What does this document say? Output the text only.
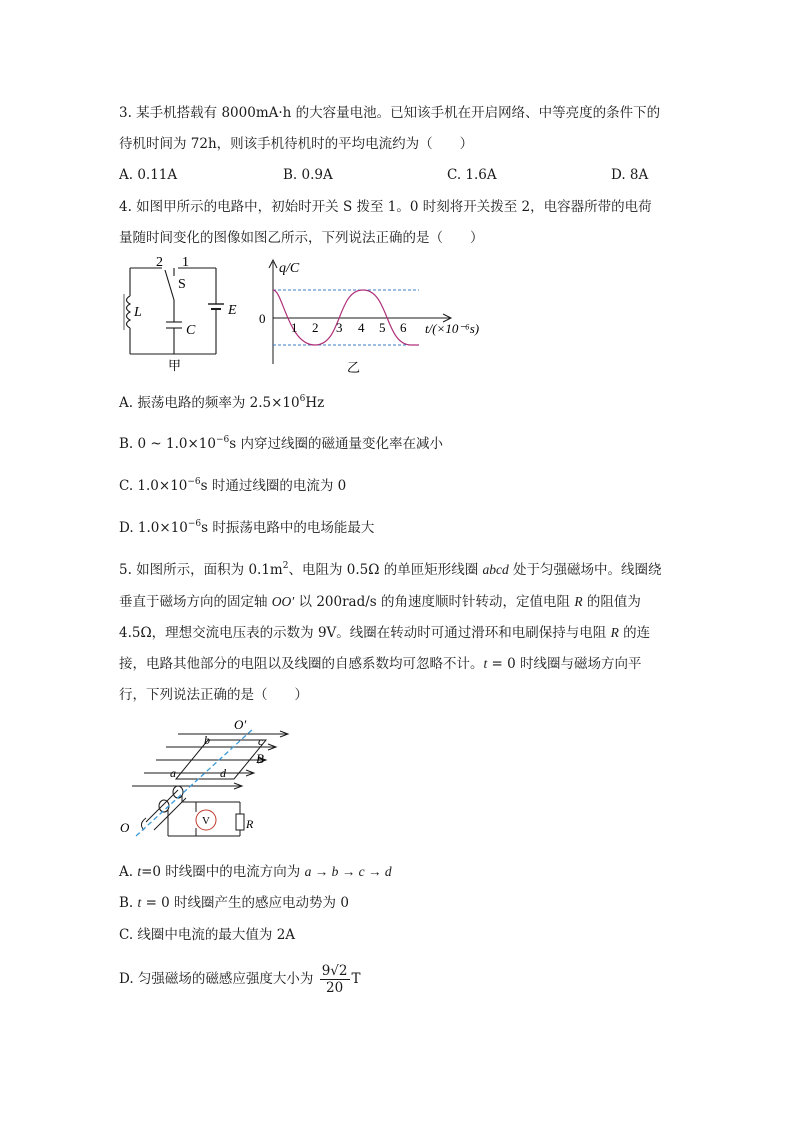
3. 某手机搭载有 8000mA·h 的大容量电池。已知该手机在开启网络、中等亮度的条件下的
待机时间为 72h，则该手机待机时的平均电流约为（　　）
A. 0.11A	B. 0.9A	C. 1.6A	D. 8A
4. 如图甲所示的电路中，初始时开关 S 拨至 1。0 时刻将开关拨至 2，电容器所带的电荷
量随时间变化的图像如图乙所示，下列说法正确的是（　　）
2 1
S
L
C
E
甲
q/C
0
1 2 3 4 5 6 t/(×10⁻⁶s)
乙
A. 振荡电路的频率为 $2.5\times 10^6Hz$
B. 0 ~ $1.0\times 10^{-6}s$ 内穿过线圈的磁通量变化率在减小
C. $1.0\times 10^{-6}s$ 时通过线圈的电流为 0
D. $1.0\times 10^{-6}s$ 时振荡电路中的电场能最大
5. 如图所示，面积为 $0.1m^2$、电阻为 0.5Ω 的单匝矩形线圈 abcd 处于匀强磁场中。线圈绕
垂直于磁场方向的固定轴 OO′ 以 200rad/s 的角速度顺时针转动，定值电阻 R 的阻值为
4.5Ω，理想交流电压表的示数为 9V。线圈在转动时可通过滑环和电刷保持与电阻 R 的连
接，电路其他部分的电阻以及线圈的自感系数均可忽略不计。t = 0 时线圈与磁场方向平
行，下列说法正确的是（　　）
O′
b	c
a	d
B
O	V	R
A. t=0 时线圈中的电流方向为 a → b → c → d
B. t = 0 时线圈产生的感应电动势为 0
C. 线圈中电流的最大值为 2A
D. 匀强磁场的磁感应强度大小为 $\frac{9√2}{20}$ T
